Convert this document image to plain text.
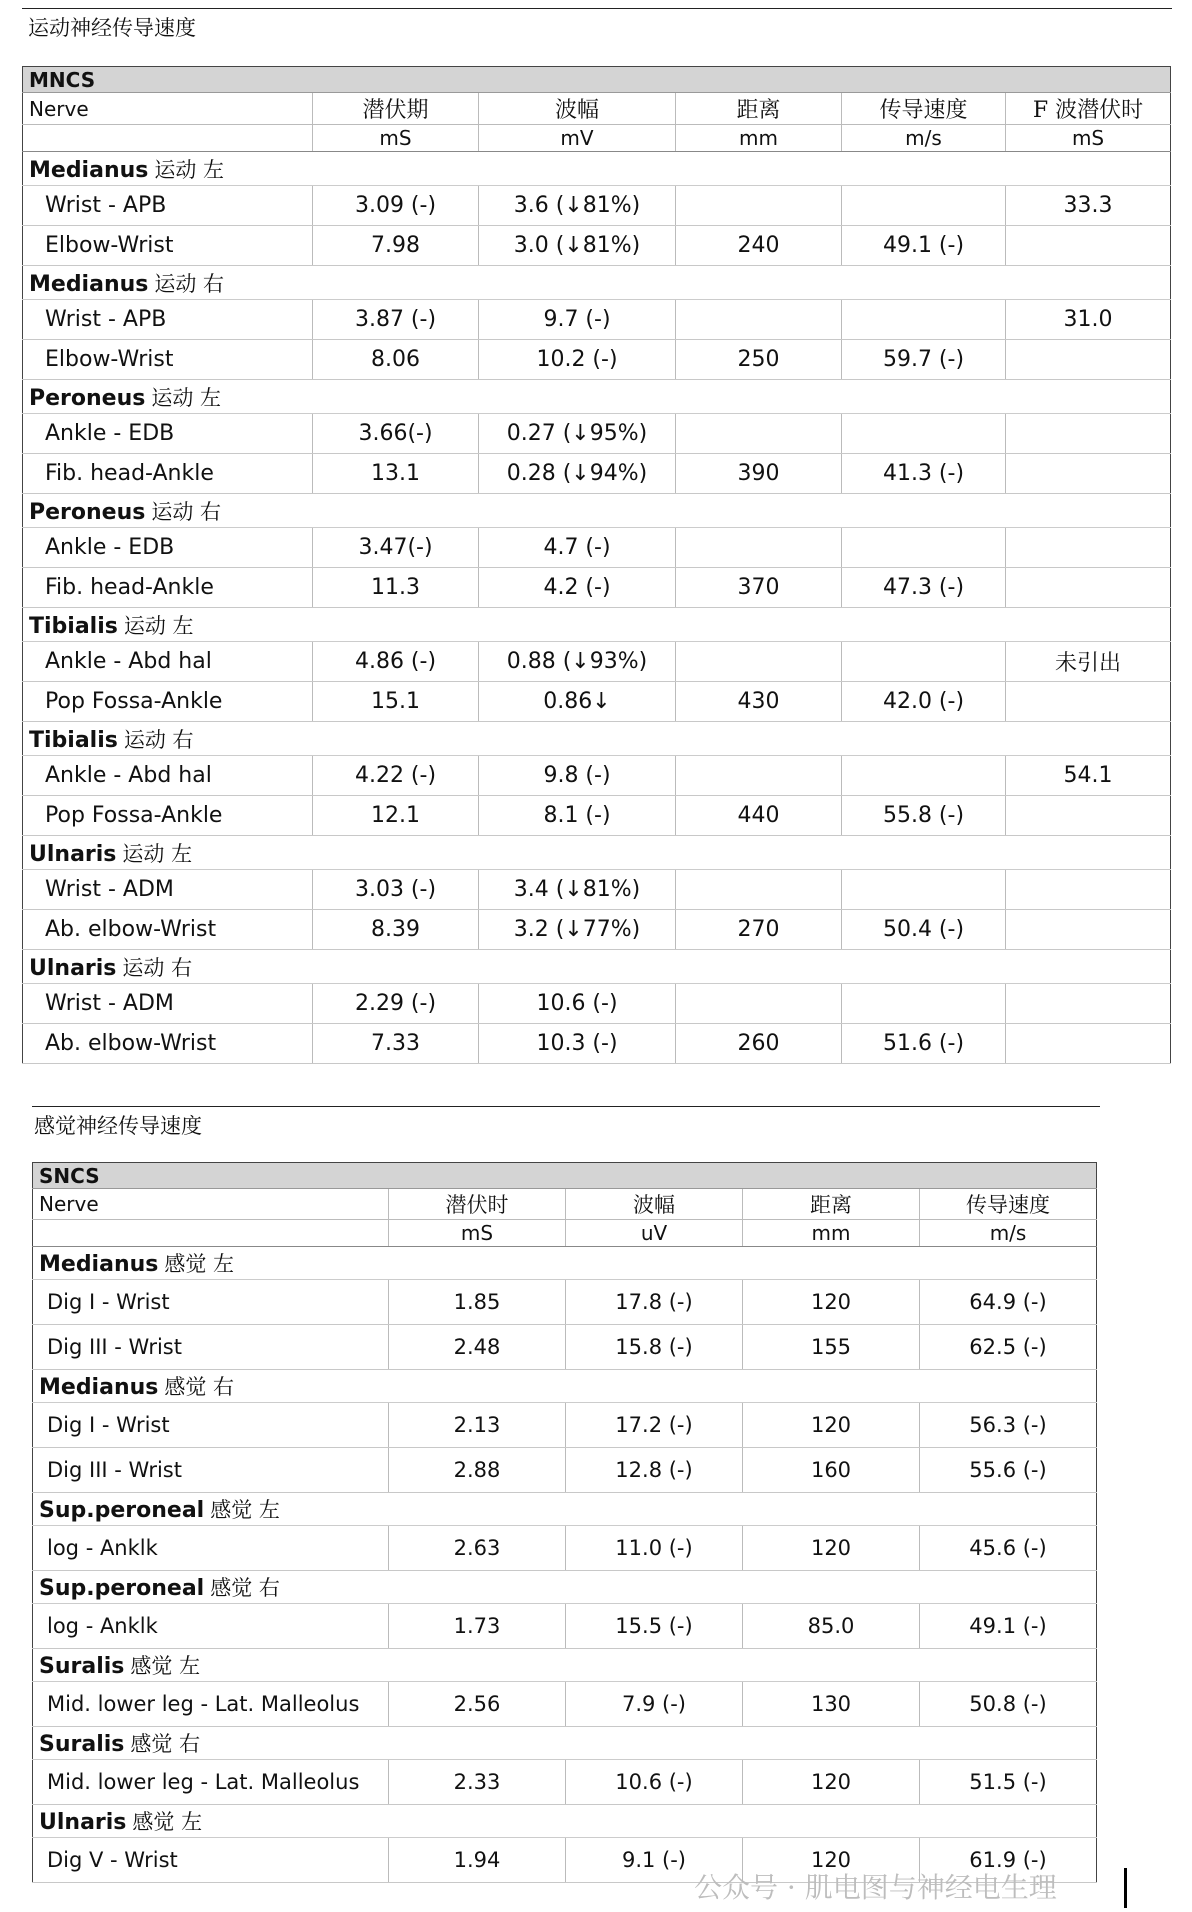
运动神经传导速度
MNCS					
Nerve	潜伏期	波幅	距离	传导速度	F 波潜伏时
	mS	mV	mm	m/s	mS
Medianus 运动 左					
Wrist - APB	3.09 (-)	3.6 (↓81%)			33.3
Elbow-Wrist	7.98	3.0 (↓81%)	240	49.1 (-)	
Medianus 运动 右					
Wrist - APB	3.87 (-)	9.7 (-)			31.0
Elbow-Wrist	8.06	10.2 (-)	250	59.7 (-)	
Peroneus 运动 左					
Ankle - EDB	3.66(-)	0.27 (↓95%)			
Fib. head-Ankle	13.1	0.28 (↓94%)	390	41.3 (-)	
Peroneus 运动 右					
Ankle - EDB	3.47(-)	4.7 (-)			
Fib. head-Ankle	11.3	4.2 (-)	370	47.3 (-)	
Tibialis 运动 左					
Ankle - Abd hal	4.86 (-)	0.88 (↓93%)			未引出
Pop Fossa-Ankle	15.1	0.86↓	430	42.0 (-)	
Tibialis 运动 右					
Ankle - Abd hal	4.22 (-)	9.8 (-)			54.1
Pop Fossa-Ankle	12.1	8.1 (-)	440	55.8 (-)	
Ulnaris 运动 左					
Wrist - ADM	3.03 (-)	3.4 (↓81%)			
Ab. elbow-Wrist	8.39	3.2 (↓77%)	270	50.4 (-)	
Ulnaris 运动 右					
Wrist - ADM	2.29 (-)	10.6 (-)			
Ab. elbow-Wrist	7.33	10.3 (-)	260	51.6 (-)	
感觉神经传导速度
SNCS				
Nerve	潜伏时	波幅	距离	传导速度
	mS	uV	mm	m/s
Medianus 感觉 左				
Dig I - Wrist	1.85	17.8 (-)	120	64.9 (-)
Dig III - Wrist	2.48	15.8 (-)	155	62.5 (-)
Medianus 感觉 右				
Dig I - Wrist	2.13	17.2 (-)	120	56.3 (-)
Dig III - Wrist	2.88	12.8 (-)	160	55.6 (-)
Sup.peroneal 感觉 左				
log - Anklk	2.63	11.0 (-)	120	45.6 (-)
Sup.peroneal 感觉 右				
log - Anklk	1.73	15.5 (-)	85.0	49.1 (-)
Suralis 感觉 左				
Mid. lower leg - Lat. Malleolus	2.56	7.9 (-)	130	50.8 (-)
Suralis 感觉 右				
Mid. lower leg - Lat. Malleolus	2.33	10.6 (-)	120	51.5 (-)
Ulnaris 感觉 左				
Dig V - Wrist	1.94	9.1 (-)	120	61.9 (-)
公众号 · 肌电图与神经电生理
